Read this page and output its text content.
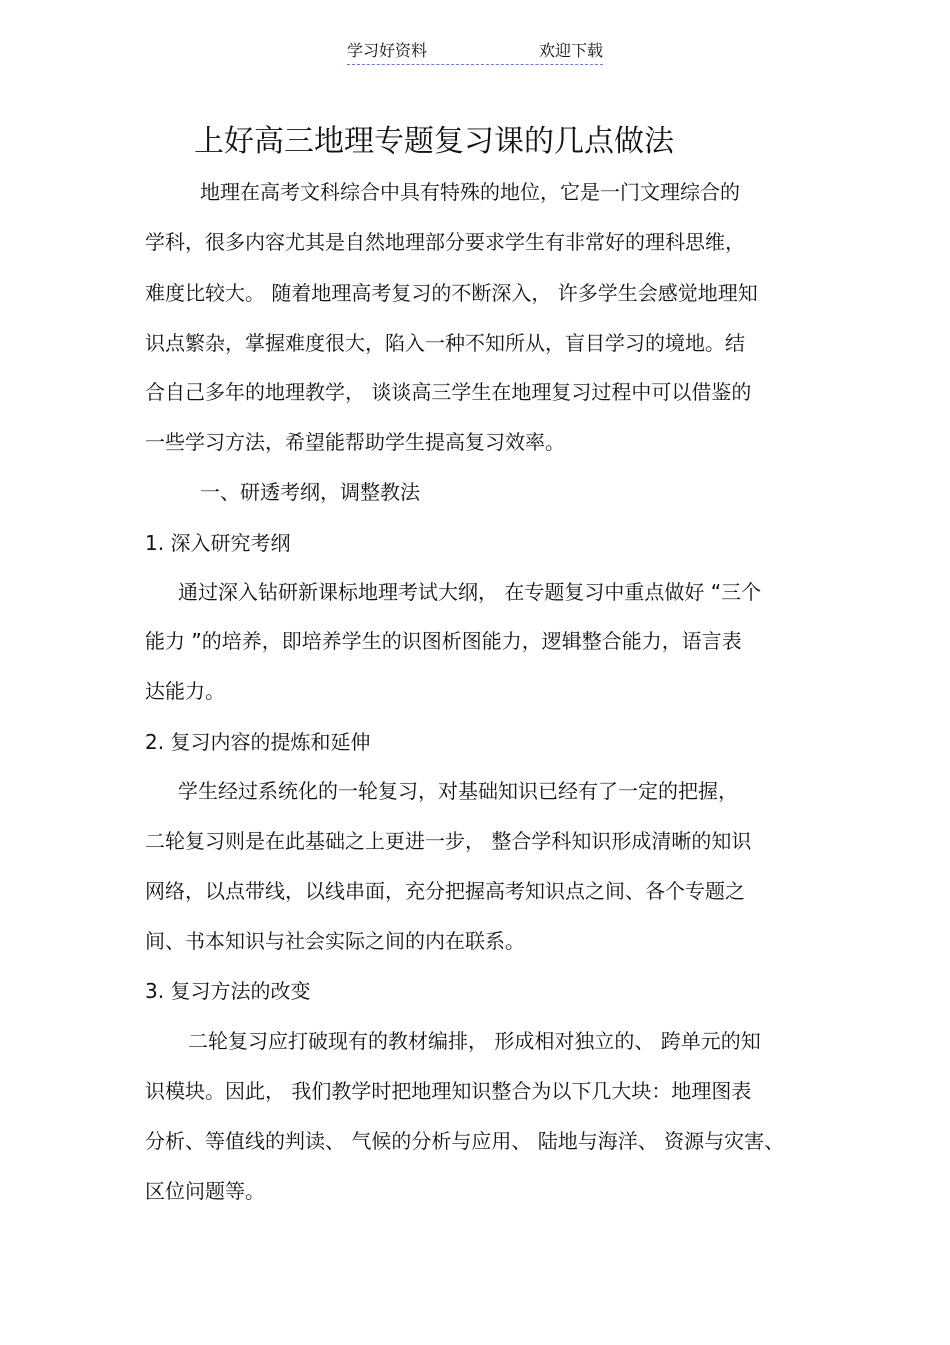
学习好资料	欢迎下载
上好高三地理专题复习课的几点做法
地理在高考文科综合中具有特殊的地位，它是一门文理综合的
学科，很多内容尤其是自然地理部分要求学生有非常好的理科思维，
难度比较大。 随着地理高考复习的不断深入， 许多学生会感觉地理知
识点繁杂，掌握难度很大，陷入一种不知所从，盲目学习的境地。结
合自己多年的地理教学， 谈谈高三学生在地理复习过程中可以借鉴的
一些学习方法，希望能帮助学生提高复习效率。
一、研透考纲，调整教法
1. 深入研究考纲
通过深入钻研新课标地理考试大纲， 在专题复习中重点做好 “三个
能力 ”的培养，即培养学生的识图析图能力，逻辑整合能力，语言表
达能力。
2. 复习内容的提炼和延伸
学生经过系统化的一轮复习，对基础知识已经有了一定的把握，
二轮复习则是在此基础之上更进一步， 整合学科知识形成清晰的知识
网络，以点带线，以线串面，充分把握高考知识点之间、各个专题之
间、书本知识与社会实际之间的内在联系。
3. 复习方法的改变
二轮复习应打破现有的教材编排， 形成相对独立的、 跨单元的知
识模块。因此， 我们教学时把地理知识整合为以下几大块：地理图表
分析、等值线的判读、 气候的分析与应用、 陆地与海洋、 资源与灾害、
区位问题等。
